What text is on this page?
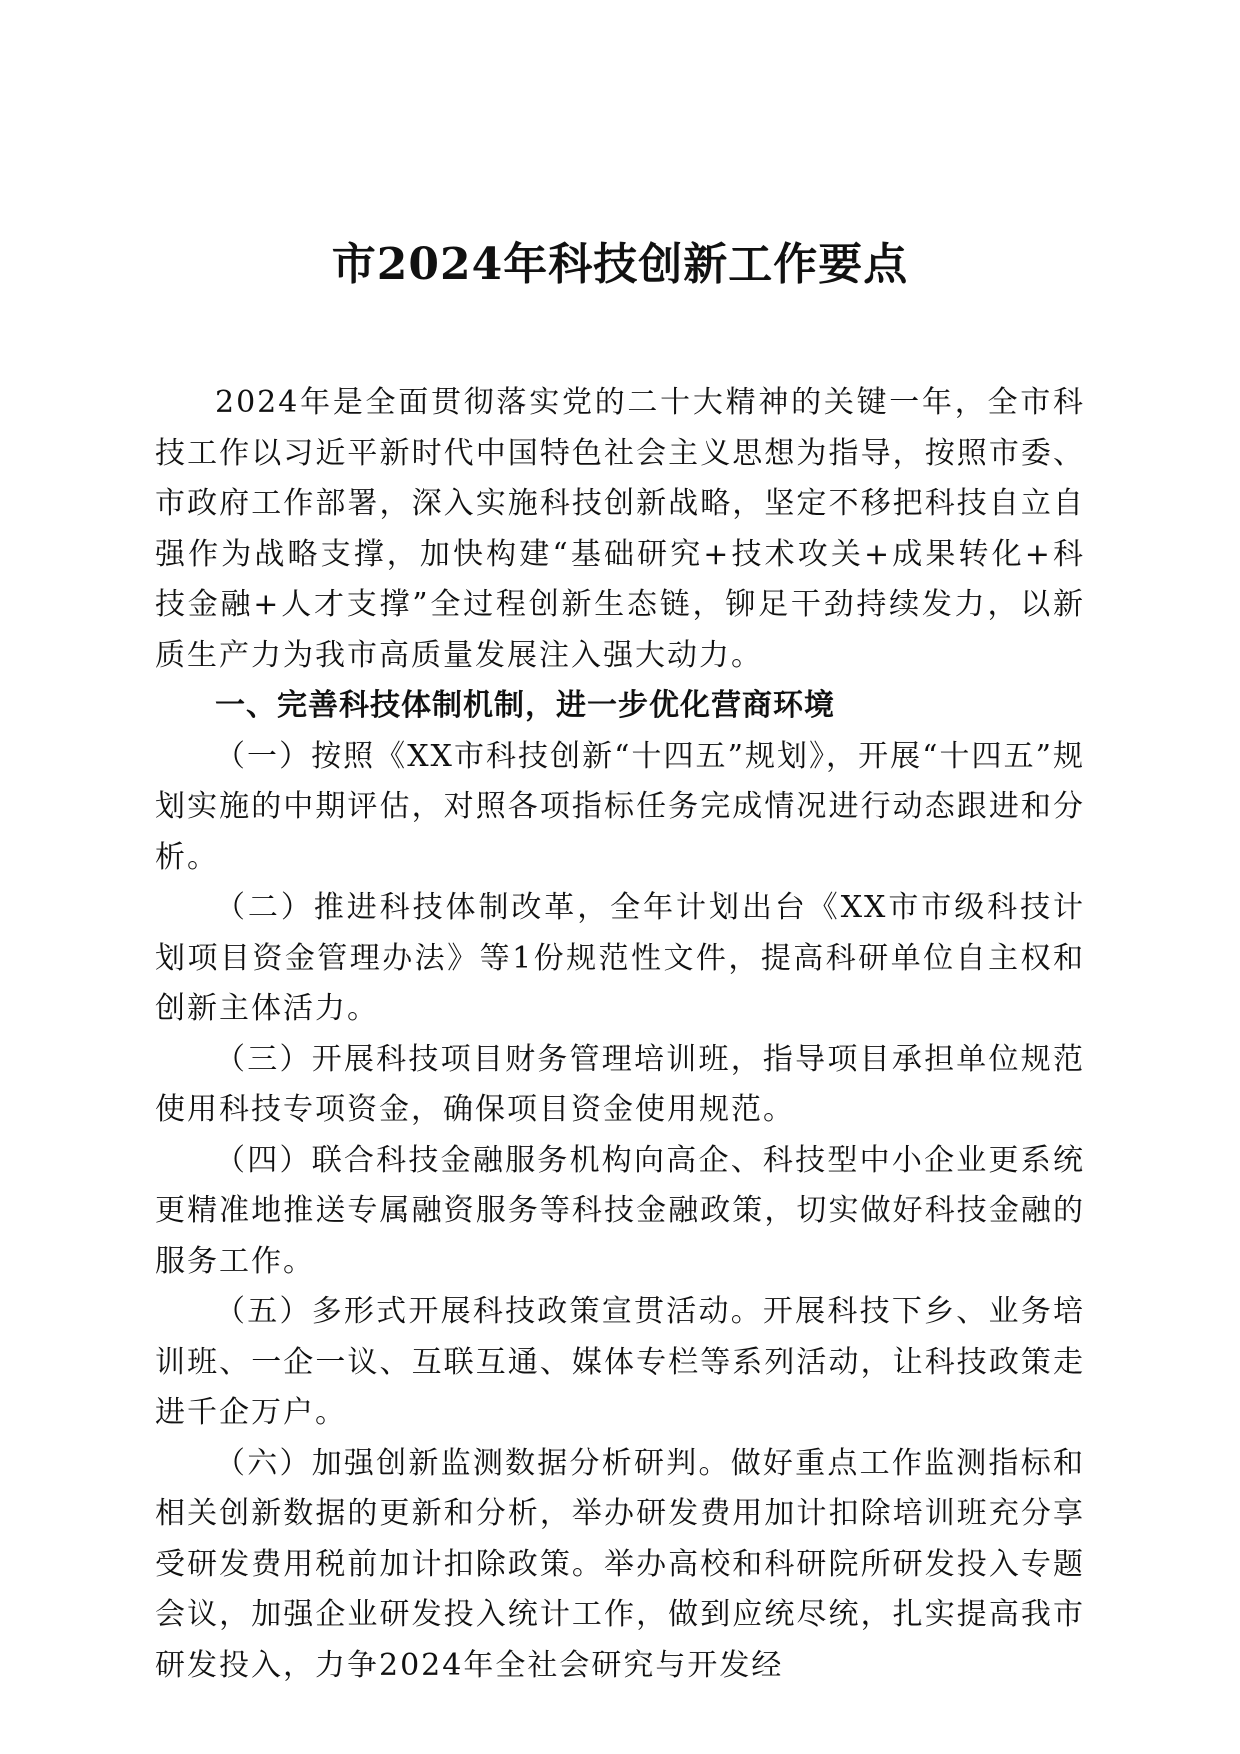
市2024年科技创新工作要点

2024年是全面贯彻落实党的二十大精神的关键一年，全市科技工作以习近平新时代中国特色社会主义思想为指导，按照市委、市政府工作部署，深入实施科技创新战略，坚定不移把科技自立自强作为战略支撑，加快构建“基础研究+技术攻关+成果转化+科技金融+人才支撑”全过程创新生态链，铆足干劲持续发力，以新质生产力为我市高质量发展注入强大动力。

一、完善科技体制机制，进一步优化营商环境

（一）按照《XX市科技创新“十四五”规划》，开展“十四五”规划实施的中期评估，对照各项指标任务完成情况进行动态跟进和分析。

（二）推进科技体制改革，全年计划出台《XX市市级科技计划项目资金管理办法》等1份规范性文件，提高科研单位自主权和创新主体活力。

（三）开展科技项目财务管理培训班，指导项目承担单位规范使用科技专项资金，确保项目资金使用规范。

（四）联合科技金融服务机构向高企、科技型中小企业更系统更精准地推送专属融资服务等科技金融政策，切实做好科技金融的服务工作。

（五）多形式开展科技政策宣贯活动。开展科技下乡、业务培训班、一企一议、互联互通、媒体专栏等系列活动，让科技政策走进千企万户。

（六）加强创新监测数据分析研判。做好重点工作监测指标和相关创新数据的更新和分析，举办研发费用加计扣除培训班充分享受研发费用税前加计扣除政策。举办高校和科研院所研发投入专题会议，加强企业研发投入统计工作，做到应统尽统，扎实提高我市研发投入，力争2024年全社会研究与开发经
